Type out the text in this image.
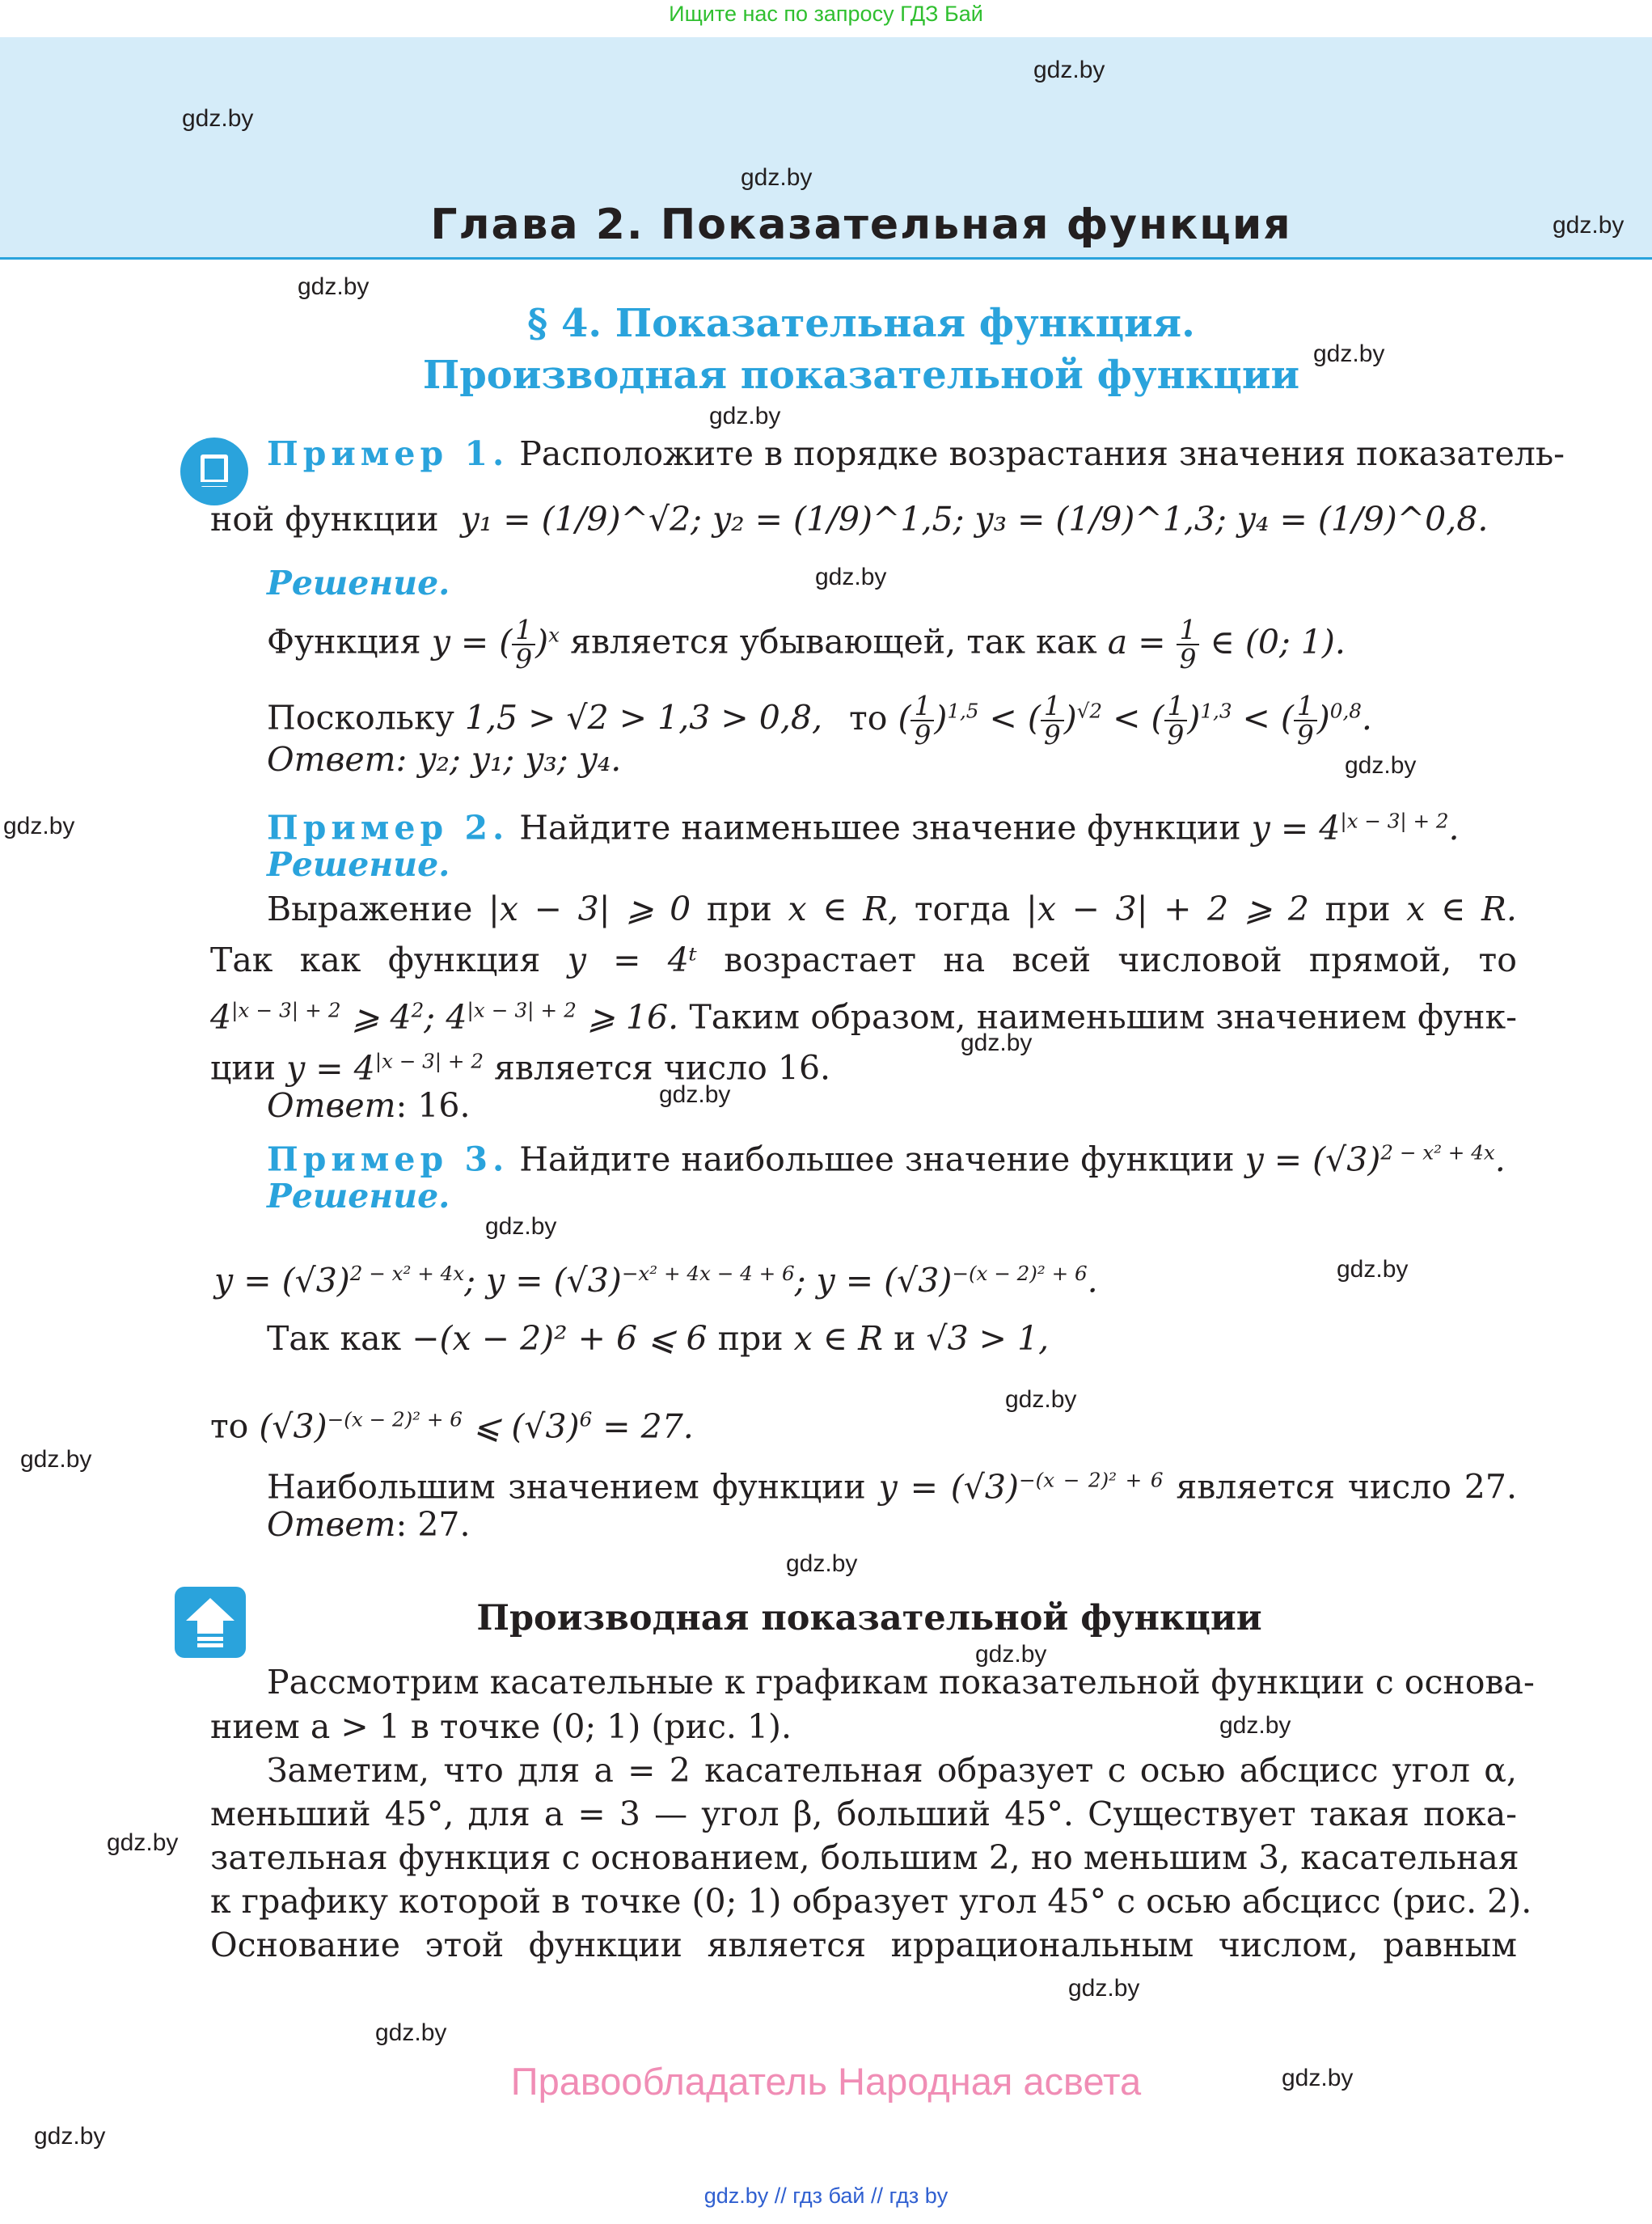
Ищите нас по запросу ГДЗ Бай
gdz.by
gdz.by
gdz.by
gdz.by
gdz.by
gdz.by
gdz.by
gdz.by
gdz.by
gdz.by
gdz.by
gdz.by
gdz.by
gdz.by
gdz.by
gdz.by
gdz.by
gdz.by
gdz.by
gdz.by
gdz.by
gdz.by
gdz.by
gdz.by
Глава 2. Показательная функция
§ 4. Показательная функция.
Производная показательной функции
Пример 1. Расположите в порядке возрастания значения показатель-
ной функции y₁ = (1/9)^√2; y₂ = (1/9)^1,5; y₃ = (1/9)^1,3; y₄ = (1/9)^0,8.
Решение.
Функция y = ( $\frac{1}{9} )^x$ является убывающей, так как $a = \frac{1}{9}$ ∈ (0; 1).
Поскольку 1,5 > √2 > 1,3 > 0,8, то ( $\frac{1}{9} )^{1,5}$ < ( $\frac{1}{9} )^{√2}$ < ( $\frac{1}{9} )^{1,3}$ < ( $\frac{1}{9} )^{0,8}$.
Ответ: y₂; y₁; y₃; y₄.
Пример 2. Найдите наименьшее значение функции $y = 4^{|x - 3| + 2}$.
Решение.
Выражение |x − 3| ⩾ 0 при x ∈ R, тогда |x − 3| + 2 ⩾ 2 при x ∈ R.
Так как функция y = 4ᵗ возрастает на всей числовой прямой, то
$4^{|x - 3| + 2}$ ⩾ $4^2$; $4^{|x - 3| + 2}$ ⩾ 16. Таким образом, наименьшим значением функ-
ции $y = 4^{|x - 3| + 2}$ является число 16.
Ответ: 16.
Пример 3. Найдите наибольшее значение функции $y = (√3)^{2 - x^2 + 4x}$.
Решение.
$y = (√3)^{2 - x^2 + 4x}$; $y = (√3)^{-x^2 + 4x - 4 + 6}$; $y = (√3)^{-(x - 2)^2 + 6}$.
Так как −(x − 2)² + 6 ⩽ 6 при x ∈ R и √3 > 1,
то $(√3)^{-(x - 2)^2 + 6}$ ⩽ $(√3)^6 = 27$.
Наибольшим значением функции $y = (√3)^{-(x - 2)^2 + 6}$ является число 27.
Ответ: 27.
Производная показательной функции
Рассмотрим касательные к графикам показательной функции с основа-
нием a > 1 в точке (0; 1) (рис. 1).
Заметим, что для a = 2 касательная образует с осью абсцисс угол α,
меньший 45°, для a = 3 — угол β, больший 45°. Существует такая пока-
зательная функция с основанием, большим 2, но меньшим 3, касательная
к графику которой в точке (0; 1) образует угол 45° с осью абсцисс (рис. 2).
Основание этой функции является иррациональным числом, равным
Правообладатель Народная асвета
gdz.by // гдз бай // гдз by
